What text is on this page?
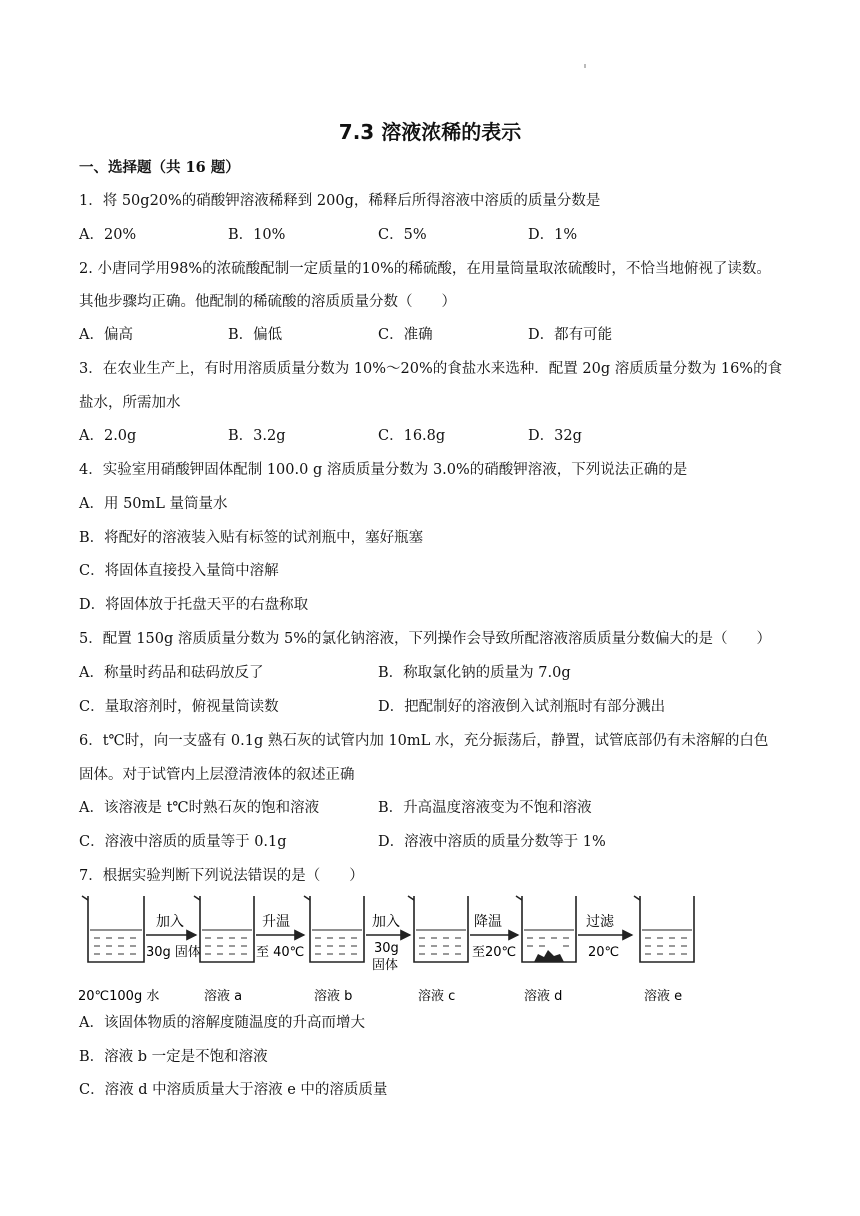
7.3 溶液浓稀的表示
一、选择题（共 16 题）
1．将 50g20%的硝酸钾溶液稀释到 200g，稀释后所得溶液中溶质的质量分数是
A．20%	B．10%	C．5%	D．1%
2. 小唐同学用98%的浓硫酸配制一定质量的10%的稀硫酸，在用量筒量取浓硫酸时，不恰当地俯视了读数。
其他步骤均正确。他配制的稀硫酸的溶质质量分数（　　）
A．偏高	B．偏低	C．准确	D．都有可能
3．在农业生产上，有时用溶质质量分数为 10%～20%的食盐水来选种．配置 20g 溶质质量分数为 16%的食
盐水，所需加水
A．2.0g	B．3.2g	C．16.8g	D．32g
4．实验室用硝酸钾固体配制 100.0 g 溶质质量分数为 3.0%的硝酸钾溶液，下列说法正确的是
A．用 50mL 量筒量水
B．将配好的溶液装入贴有标签的试剂瓶中，塞好瓶塞
C．将固体直接投入量筒中溶解
D．将固体放于托盘天平的右盘称取
5．配置 150g 溶质质量分数为 5%的氯化钠溶液，下列操作会导致所配溶液溶质质量分数偏大的是（　　）
A．称量时药品和砝码放反了	B．称取氯化钠的质量为 7.0g
C．量取溶剂时，俯视量筒读数	D．把配制好的溶液倒入试剂瓶时有部分溅出
6．t℃时，向一支盛有 0.1g 熟石灰的试管内加 10mL 水，充分振荡后，静置，试管底部仍有未溶解的白色
固体。对于试管内上层澄清液体的叙述正确
A．该溶液是 t℃时熟石灰的饱和溶液	B．升高温度溶液变为不饱和溶液
C．溶液中溶质的质量等于 0.1g	D．溶液中溶质的质量分数等于 1%
7．根据实验判断下列说法错误的是（　　）
加入
30g 固体
升温
至 40℃
加入
30g
固体
降温
至20℃
过滤
20℃
20℃100g 水	溶液 a	溶液 b	溶液 c	溶液 d	溶液 e
A．该固体物质的溶解度随温度的升高而增大
B．溶液 b 一定是不饱和溶液
C．溶液 d 中溶质质量大于溶液 e 中的溶质质量
